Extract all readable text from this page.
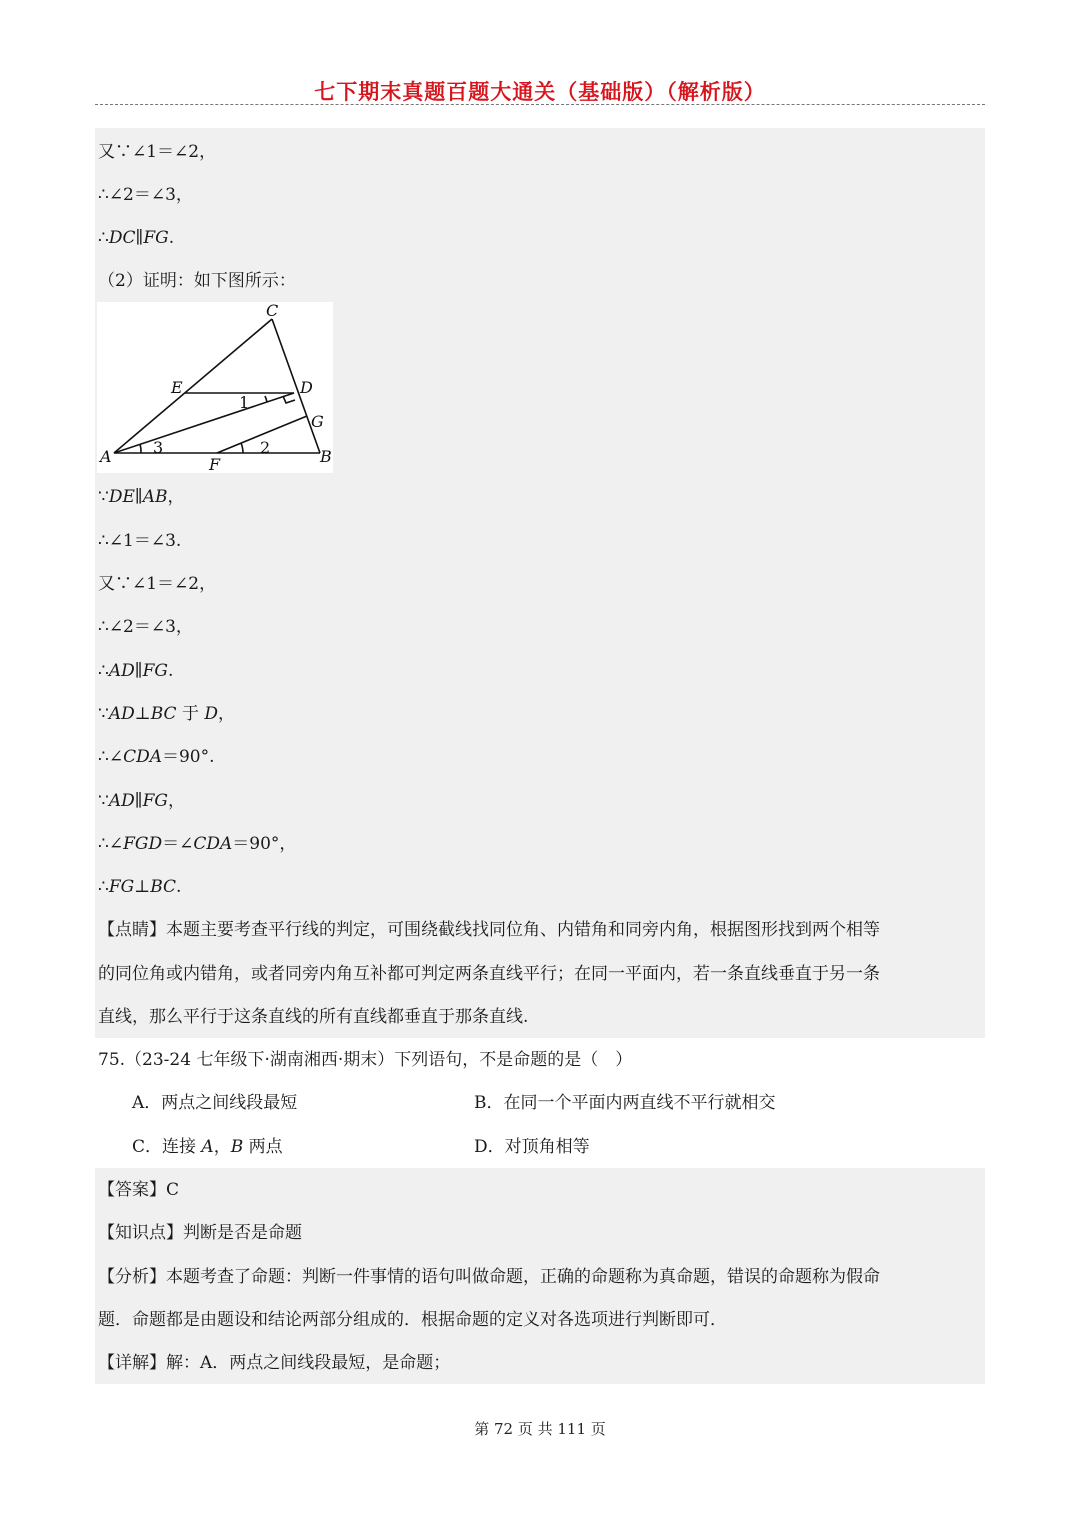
七下期末真题百题大通关（基础版）（解析版）
又∵∠1＝∠2，
∴∠2＝∠3，
∴DC∥FG.
（2）证明：如下图所示：
C
E	D
1
G
A	3	2	B
F
∵DE∥AB，
∴∠1＝∠3.
又∵∠1＝∠2，
∴∠2＝∠3，
∴AD∥FG.
∵AD⊥BC 于 D，
∴∠CDA＝90°.
∵AD∥FG，
∴∠FGD＝∠CDA＝90°，
∴FG⊥BC.
【点睛】本题主要考查平行线的判定，可围绕截线找同位角、内错角和同旁内角，根据图形找到两个相等
的同位角或内错角，或者同旁内角互补都可判定两条直线平行；在同一平面内，若一条直线垂直于另一条
直线，那么平行于这条直线的所有直线都垂直于那条直线.
75.（23-24 七年级下·湖南湘西·期末）下列语句，不是命题的是（　）
A．两点之间线段最短	B．在同一个平面内两直线不平行就相交
C．连接 A，B 两点	D．对顶角相等
【答案】C
【知识点】判断是否是命题
【分析】本题考查了命题：判断一件事情的语句叫做命题，正确的命题称为真命题，错误的命题称为假命
题．命题都是由题设和结论两部分组成的．根据命题的定义对各选项进行判断即可．
【详解】解：A．两点之间线段最短，是命题；
第 72 页 共 111 页
